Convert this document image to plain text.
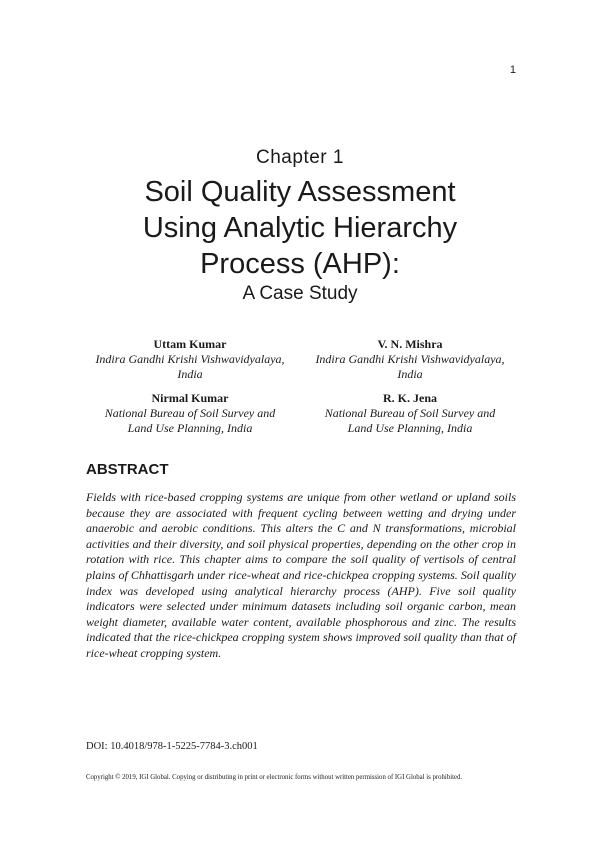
1
Chapter 1
Soil Quality Assessment
Using Analytic Hierarchy
Process (AHP):
A Case Study
Uttam Kumar
Indira Gandhi Krishi Vishwavidyalaya,
India
V. N. Mishra
Indira Gandhi Krishi Vishwavidyalaya,
India
Nirmal Kumar
National Bureau of Soil Survey and
Land Use Planning, India
R. K. Jena
National Bureau of Soil Survey and
Land Use Planning, India
ABSTRACT

Fields with rice-based cropping systems are unique from other wetland or upland soils because they are associated with frequent cycling between wetting and drying under anaerobic and aerobic conditions. This alters the C and N transformations, microbial activities and their diversity, and soil physical properties, depending on the other crop in rotation with rice. This chapter aims to compare the soil quality of vertisols of central plains of Chhattisgarh under rice-wheat and rice-chickpea cropping systems. Soil quality index was developed using analytical hierarchy process (AHP). Five soil quality indicators were selected under minimum datasets including soil organic carbon, mean weight diameter, available water content, available phosphorous and zinc. The results indicated that the rice-chickpea cropping system shows improved soil quality than that of rice-wheat cropping system.

DOI: 10.4018/978-1-5225-7784-3.ch001
Copyright © 2019, IGI Global. Copying or distributing in print or electronic forms without written permission of IGI Global is prohibited.
